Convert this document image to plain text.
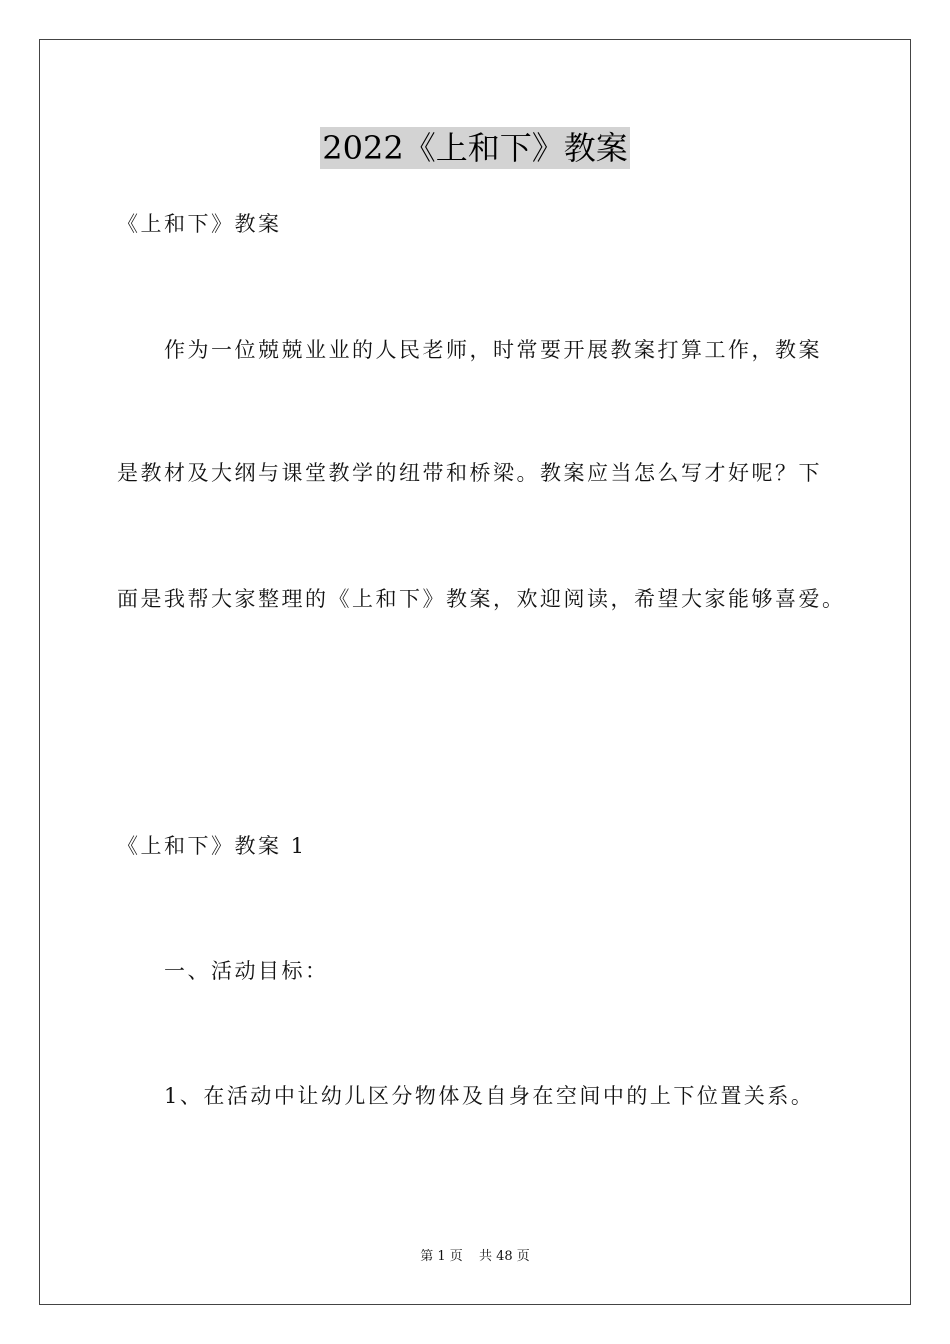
2022《上和下》教案
《上和下》教案
作为一位兢兢业业的人民老师，时常要开展教案打算工作，教案
是教材及大纲与课堂教学的纽带和桥梁。教案应当怎么写才好呢？下
面是我帮大家整理的《上和下》教案，欢迎阅读，希望大家能够喜爱。
《上和下》教案 1
一、活动目标：
1、在活动中让幼儿区分物体及自身在空间中的上下位置关系。
第 1 页 共 48 页
